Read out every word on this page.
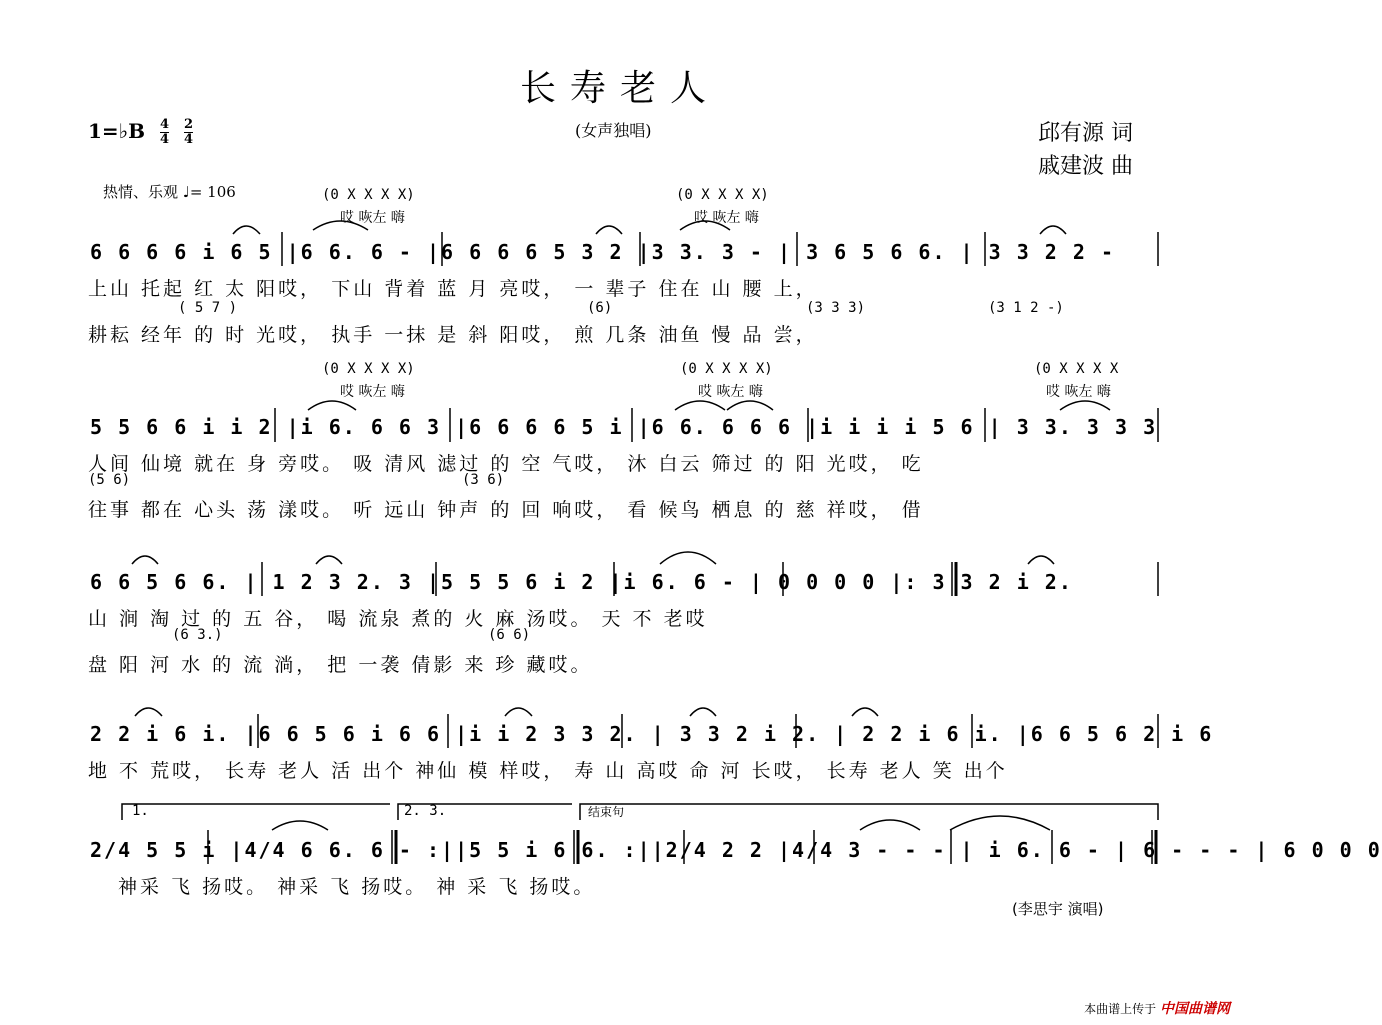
长寿老人
(女声独唱)	邱有源 词
戚建波 曲
1=♭B $\frac{4}{4}$
$\frac{2}{4}$
热情、乐观 ♩= 106	(0 X X X X)
哎 咴左 嗨
(0 X X X X)
哎 咴左 嗨
6 6 6 6 i 6 5 |6 6. 6 - |6 6 6 6 5 3 2 |3 3. 3 - | 3 6 5 6 6. | 3 3 2 2 -
上山 托起 红 太 阳哎， 下山 背着 蓝 月 亮哎， 一 辈子 住在 山 腰 上，
( 5 7 )	(6)	(3 3 3)	(3 1 2 -)
耕耘 经年 的 时 光哎， 执手 一抹 是 斜 阳哎， 煎 几条 油鱼 慢 品 尝，
(0 X X X X)
哎 咴左 嗨
(0 X X X X)
哎 咴左 嗨
(0 X X X X
哎 咴左 嗨
5 5 6 6 i i 2 |i 6. 6 6 3 |6 6 6 6 5 i |6 6. 6 6 6 |i i i i 5 6 | 3 3. 3 3 3
人间 仙境 就在 身 旁哎。 吸 清风 滤过 的 空 气哎， 沐 白云 筛过 的 阳 光哎， 吃
(5 6)	(3 6)
往事 都在 心头 荡 漾哎。 听 远山 钟声 的 回 响哎， 看 候鸟 栖息 的 慈 祥哎， 借
6 6 5 6 6. | 1 2 3 2. 3 |5 5 5 6 i 2 |i 6. 6 - | 0 0 0 0 |: 3 3 2 i 2.
山 涧 淘 过 的 五 谷， 喝 流泉 煮的 火 麻 汤哎。 天 不 老哎
(6 3.)	(6 6)
盘 阳 河 水 的 流 淌， 把 一袭 倩影 来 珍 藏哎。
2 2 i 6 i. |6 6 5 6 i 6 6 |i i 2 3 3 2. | 3 3 2 i 2. | 2 2 i 6 i. |6 6 5 6 2 i 6
地 不 荒哎， 长寿 老人 活 出个 神仙 模 样哎， 寿 山 高哎 命 河 长哎， 长寿 老人 笑 出个
1.	2. 3.	结束句
2/4 5 5 i |4/4 6 6. 6 - :||5 5 i 6 6. :||2/4 2 2 |4/4 3 - - - | i 6. 6 - | 6 - - - | 6 0 0 0
神采 飞 扬哎。 神采 飞 扬哎。 神 采 飞 扬哎。
(李思宇 演唱)
本曲谱上传于 中国曲谱网
